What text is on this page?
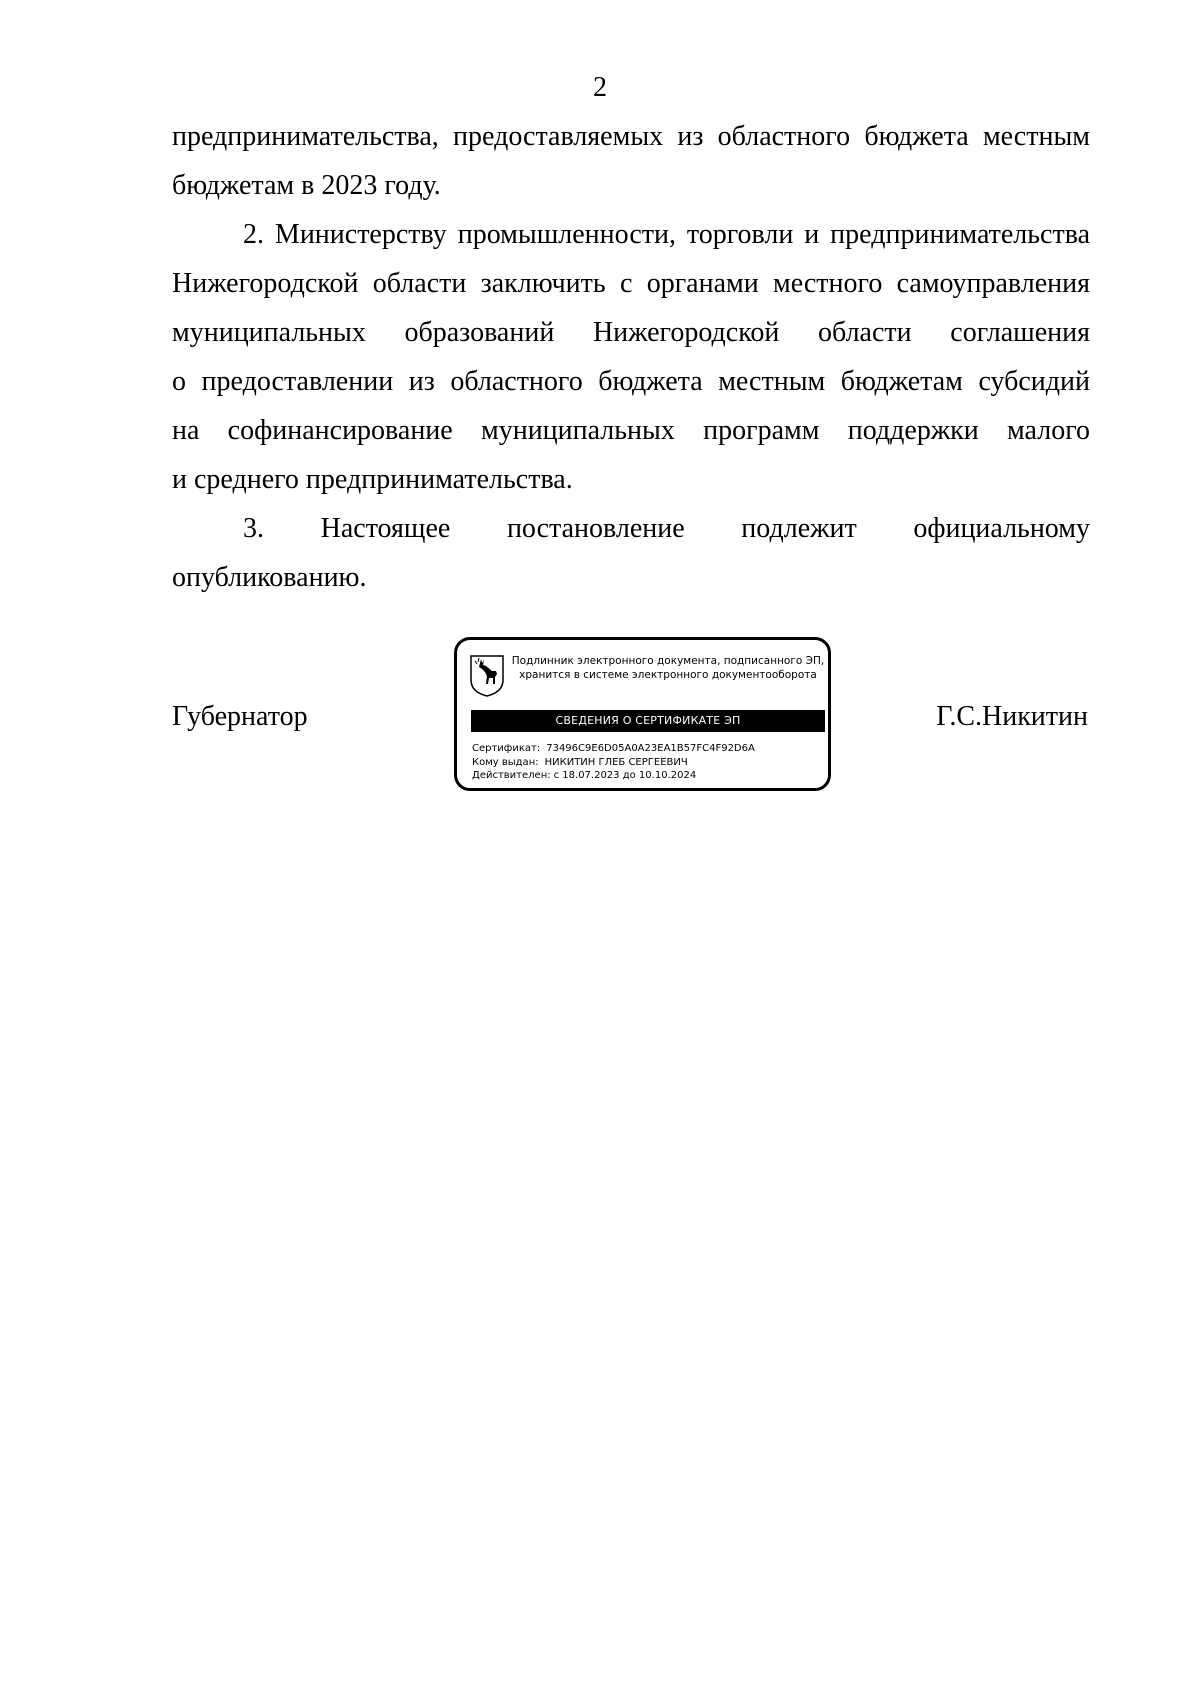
2
предпринимательства, предоставляемых из областного бюджета местным
бюджетам в 2023 году.
2. Министерству промышленности, торговли и предпринимательства
Нижегородской области заключить с органами местного самоуправления
муниципальных образований Нижегородской области соглашения
о предоставлении из областного бюджета местным бюджетам субсидий
на софинансирование муниципальных программ поддержки малого
и среднего предпринимательства.
3. Настоящее постановление подлежит официальному
опубликованию.
Губернатор	Г.С.Никитин
Подлинник электронного документа, подписанного ЭП,
хранится в системе электронного документооборота
СВЕДЕНИЯ О СЕРТИФИКАТЕ ЭП
Сертификат: 73496C9E6D05A0A23EA1B57FC4F92D6A
Кому выдан: НИКИТИН ГЛЕБ СЕРГЕЕВИЧ
Действителен: с 18.07.2023 до 10.10.2024
